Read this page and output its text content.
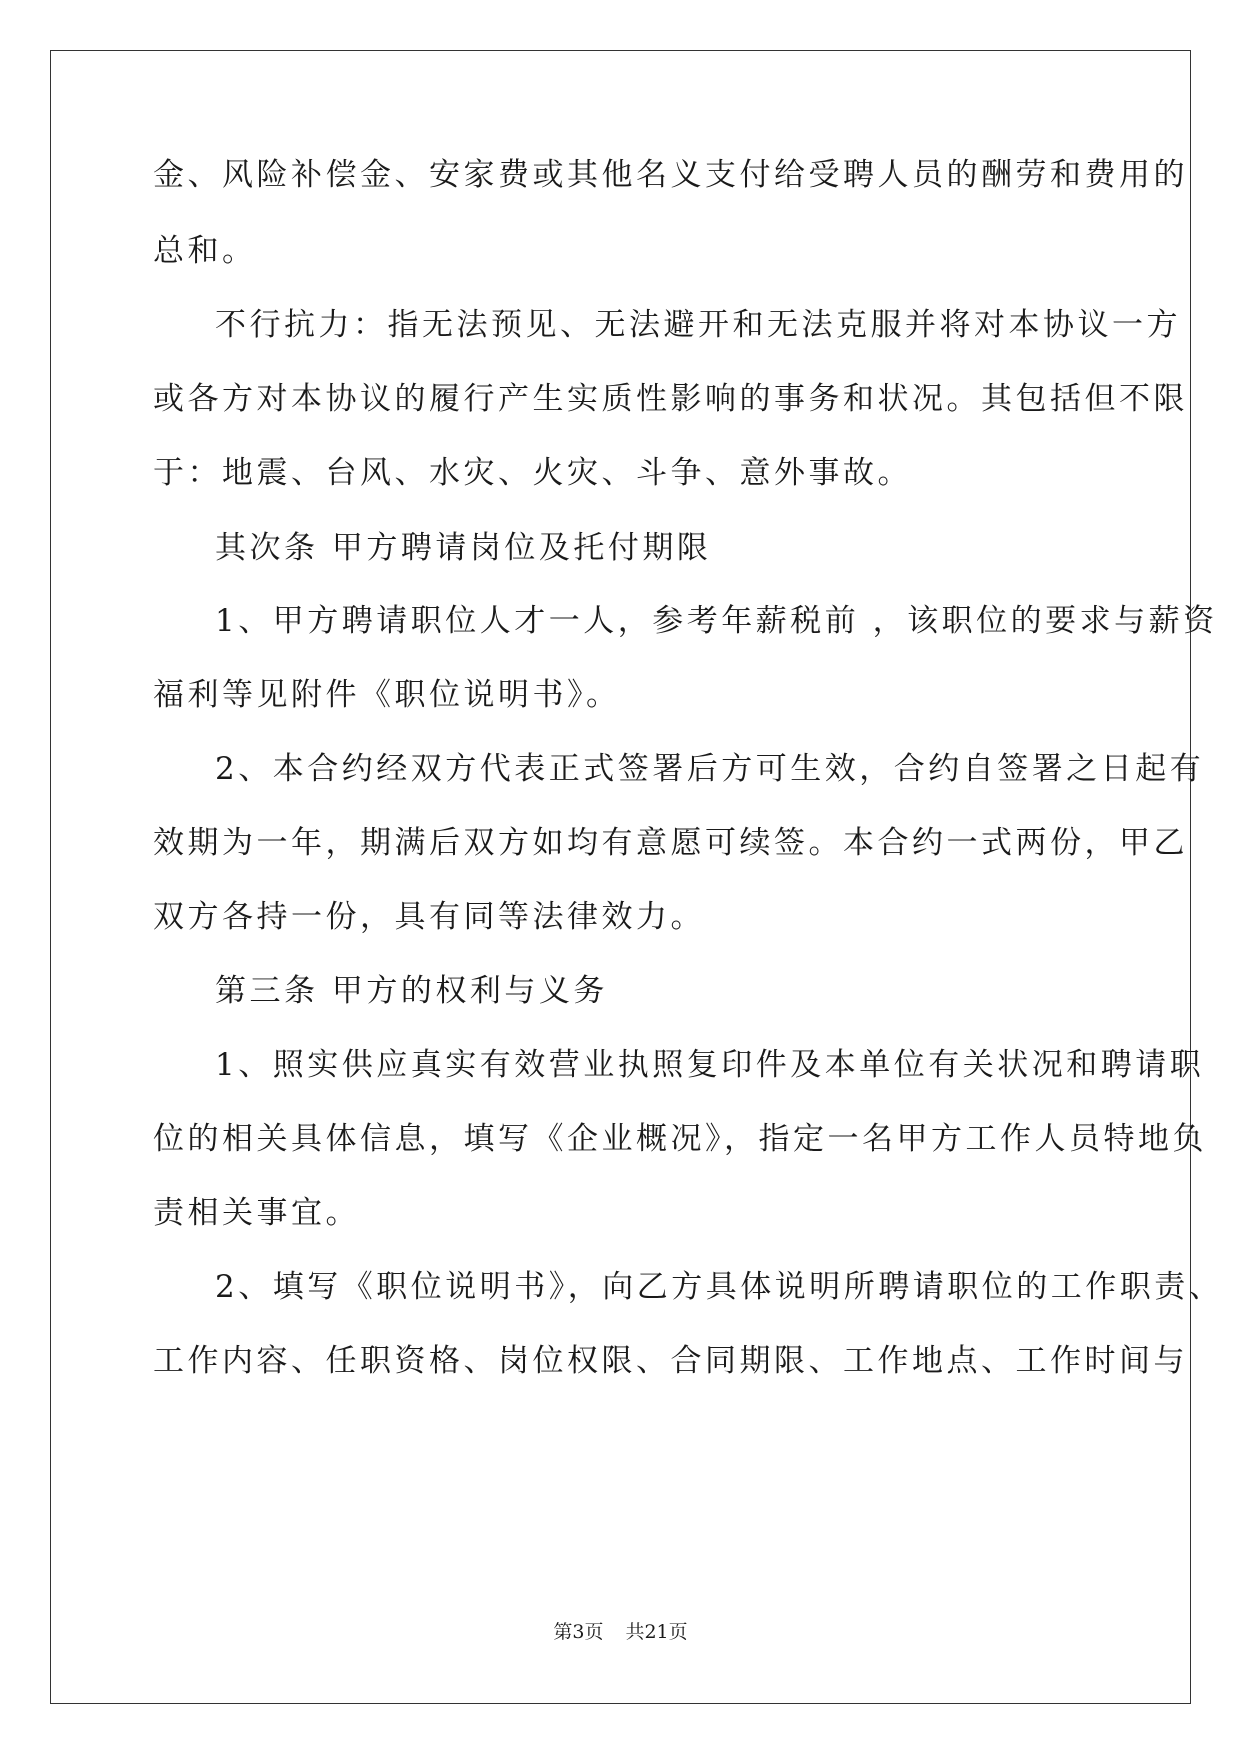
金、风险补偿金、安家费或其他名义支付给受聘人员的酬劳和费用的
总和。
不行抗力：指无法预见、无法避开和无法克服并将对本协议一方
或各方对本协议的履行产生实质性影响的事务和状况。其包括但不限
于：地震、台风、水灾、火灾、斗争、意外事故。
其次条 甲方聘请岗位及托付期限
1、甲方聘请职位人才一人，参考年薪税前 ，该职位的要求与薪资
福利等见附件《职位说明书》。
2、本合约经双方代表正式签署后方可生效，合约自签署之日起有
效期为一年，期满后双方如均有意愿可续签。本合约一式两份，甲乙
双方各持一份，具有同等法律效力。
第三条 甲方的权利与义务
1、照实供应真实有效营业执照复印件及本单位有关状况和聘请职
位的相关具体信息，填写《企业概况》，指定一名甲方工作人员特地负
责相关事宜。
2、填写《职位说明书》，向乙方具体说明所聘请职位的工作职责、
工作内容、任职资格、岗位权限、合同期限、工作地点、工作时间与
第3页 共21页
